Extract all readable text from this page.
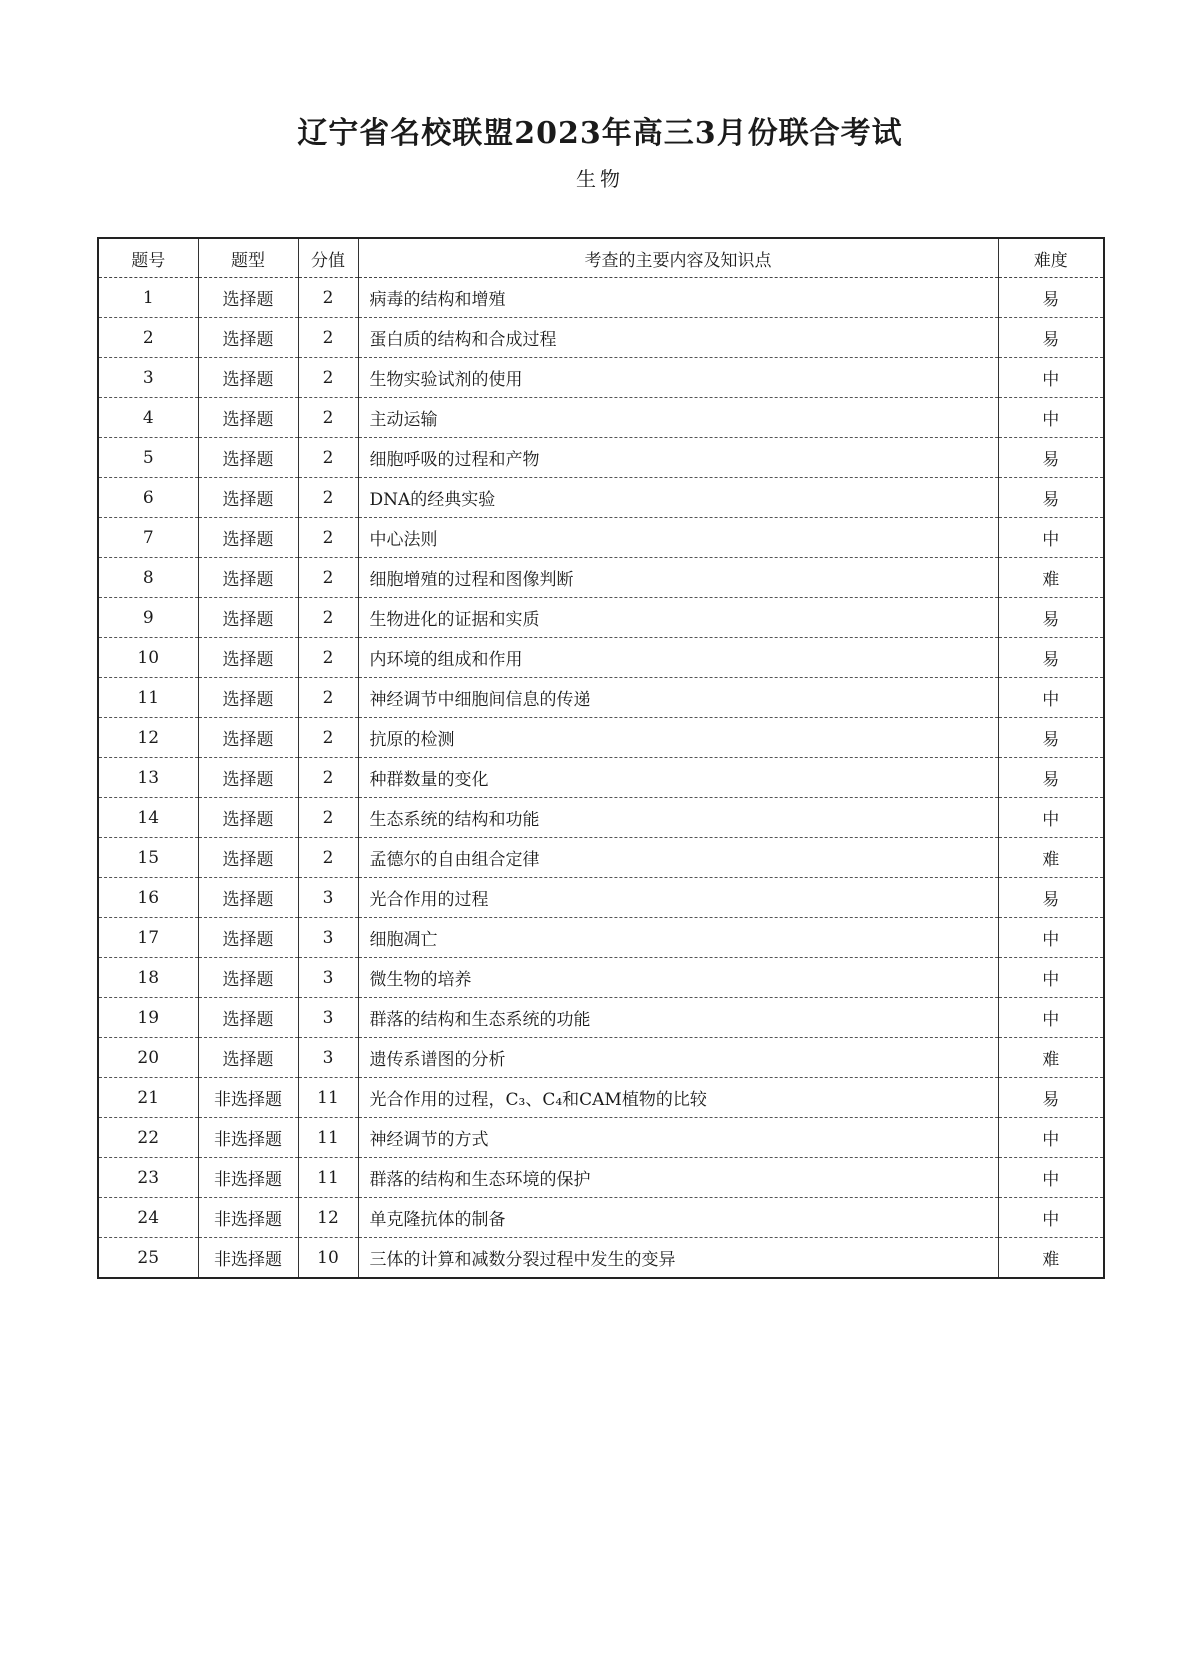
辽宁省名校联盟2023年高三3月份联合考试
生物
题号	题型	分值	考查的主要内容及知识点	难度
1	选择题	2	病毒的结构和增殖	易
2	选择题	2	蛋白质的结构和合成过程	易
3	选择题	2	生物实验试剂的使用	中
4	选择题	2	主动运输	中
5	选择题	2	细胞呼吸的过程和产物	易
6	选择题	2	DNA的经典实验	易
7	选择题	2	中心法则	中
8	选择题	2	细胞增殖的过程和图像判断	难
9	选择题	2	生物进化的证据和实质	易
10	选择题	2	内环境的组成和作用	易
11	选择题	2	神经调节中细胞间信息的传递	中
12	选择题	2	抗原的检测	易
13	选择题	2	种群数量的变化	易
14	选择题	2	生态系统的结构和功能	中
15	选择题	2	孟德尔的自由组合定律	难
16	选择题	3	光合作用的过程	易
17	选择题	3	细胞凋亡	中
18	选择题	3	微生物的培养	中
19	选择题	3	群落的结构和生态系统的功能	中
20	选择题	3	遗传系谱图的分析	难
21	非选择题	11	光合作用的过程，C₃、C₄和CAM植物的比较	易
22	非选择题	11	神经调节的方式	中
23	非选择题	11	群落的结构和生态环境的保护	中
24	非选择题	12	单克隆抗体的制备	中
25	非选择题	10	三体的计算和减数分裂过程中发生的变异	难
